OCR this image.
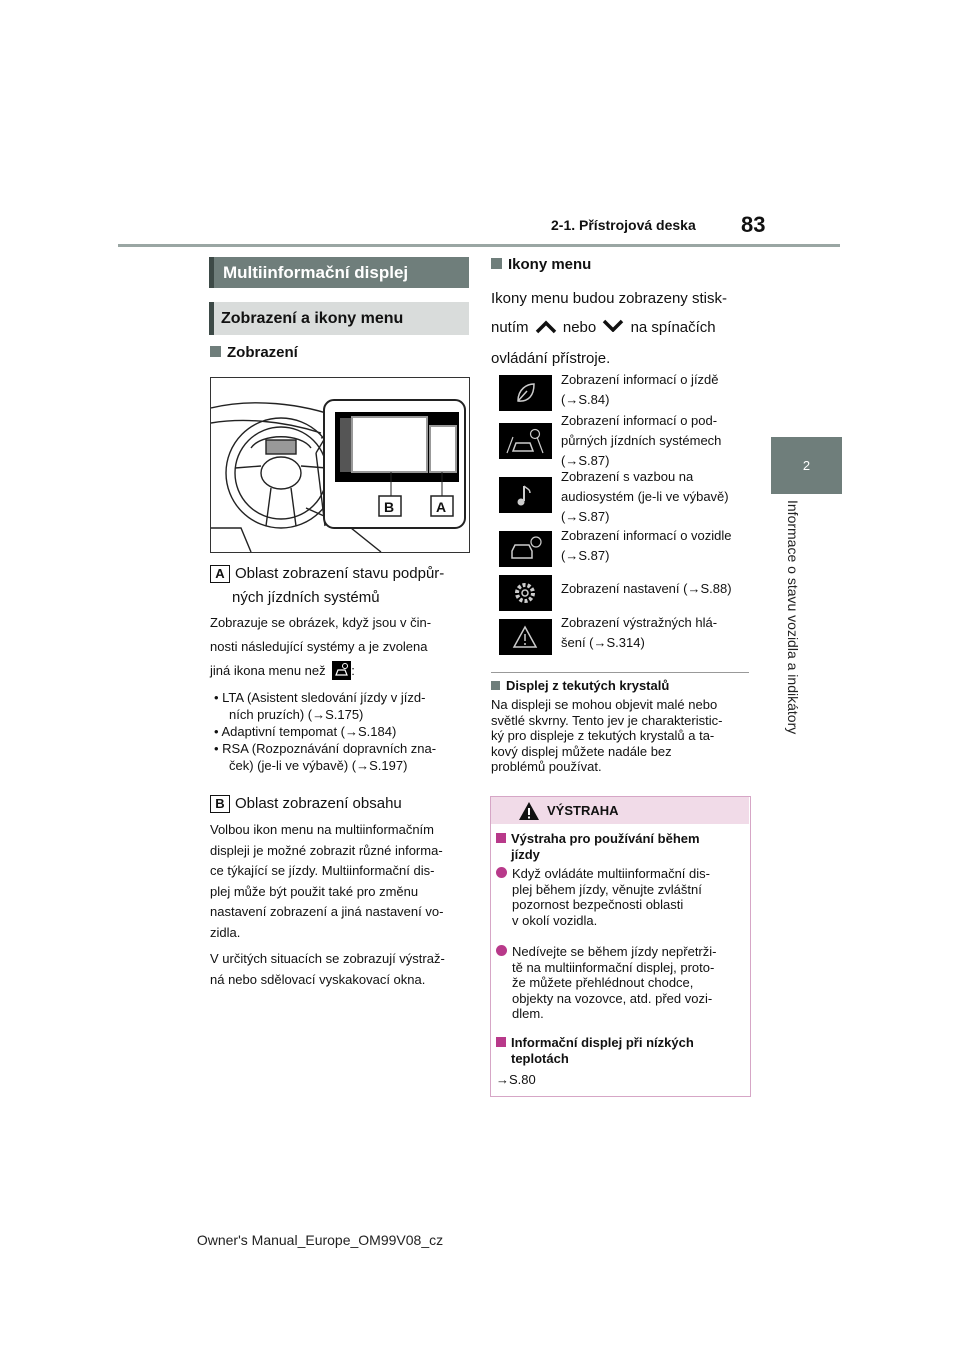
2-1. Přístrojová deska 83
2
Informace o stavu vozidla a indikátory
Multiinformační displej
Zobrazení a ikony menu
Zobrazení
B	A
A Oblast zobrazení stavu podpůr-
ných jízdních systémů
Zobrazuje se obrázek, když jsou v čin-
nosti následující systémy a je zvolena
jiná ikona menu než :
• LTA (Asistent sledování jízdy v jízd-
ních pruzích) (→S.175)
• Adaptivní tempomat (→S.184)
• RSA (Rozpoznávání dopravních zna-
ček) (je-li ve výbavě) (→S.197)
B Oblast zobrazení obsahu
Volbou ikon menu na multiinformačním
displeji je možné zobrazit různé informa-
ce týkající se jízdy. Multiinformační dis-
plej může být použit také pro změnu
nastavení zobrazení a jiná nastavení vo-
zidla.
V určitých situacích se zobrazují výstraž-
ná nebo sdělovací vyskakovací okna.
Ikony menu
Ikony menu budou zobrazeny stisk-
nutím nebo na spínačích
ovládání přístroje.
Zobrazení informací o jízdě
(→S.84)
Zobrazení informací o pod-
půrných jízdních systémech
(→S.87)
Zobrazení s vazbou na
audiosystém (je-li ve výbavě)
(→S.87)
Zobrazení informací o vozidle
(→S.87)
Zobrazení nastavení (→S.88)
Zobrazení výstražných hlá-
šení (→S.314)
Displej z tekutých krystalů
Na displeji se mohou objevit malé nebo
světlé skvrny. Tento jev je charakteristic-
ký pro displeje z tekutých krystalů a ta-
kový displej můžete nadále bez
problémů používat.
VÝSTRAHA
Výstraha pro používání během
jízdy
Když ovládáte multiinformační dis-
plej během jízdy, věnujte zvláštní
pozornost bezpečnosti oblasti
v okolí vozidla.
Nedívejte se během jízdy nepřetrži-
tě na multiinformační displej, proto-
že můžete přehlédnout chodce,
objekty na vozovce, atd. před vozi-
dlem.
Informační displej při nízkých
teplotách
→S.80
Owner's Manual_Europe_OM99V08_cz
